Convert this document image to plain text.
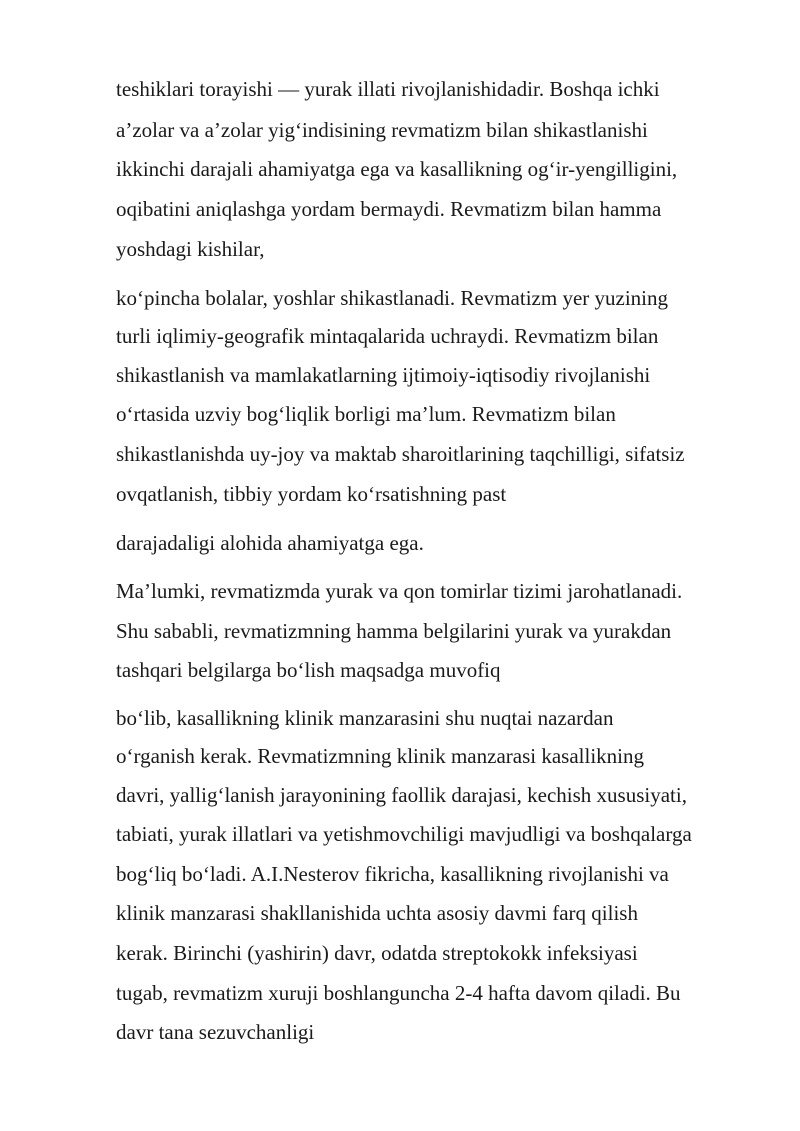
teshiklari torayishi — yurak illati rivojlanishidadir. Boshqa ichki
a’zolar va a’zolar yig‘indisining revmatizm bilan shikastlanishi
ikkinchi darajali ahamiyatga ega va kasallikning og‘ir-yengilligini,
oqibatini aniqlashga yordam bermaydi. Revmatizm bilan hamma
yoshdagi kishilar,
ko‘pincha bolalar, yoshlar shikastlanadi. Revmatizm yer yuzining
turli iqlimiy-geografik mintaqalarida uchraydi. Revmatizm bilan
shikastlanish va mamlakatlarning ijtimoiy-iqtisodiy rivojlanishi
o‘rtasida uzviy bog‘liqlik borligi ma’lum. Revmatizm bilan
shikastlanishda uy-joy va maktab sharoitlarining taqchilligi, sifatsiz
ovqatlanish, tibbiy yordam ko‘rsatishning past
darajadaligi alohida ahamiyatga ega.
Ma’lumki, revmatizmda yurak va qon tomirlar tizimi jarohatlanadi.
Shu sababli, revmatizmning hamma belgilarini yurak va yurakdan
tashqari belgilarga bo‘lish maqsadga muvofiq
bo‘lib, kasallikning klinik manzarasini shu nuqtai nazardan
o‘rganish kerak. Revmatizmning klinik manzarasi kasallikning
davri, yallig‘lanish jarayonining faollik darajasi, kechish xususiyati,
tabiati, yurak illatlari va yetishmovchiligi mavjudligi va boshqalarga
bog‘liq bo‘ladi. A.I.Nesterov fikricha, kasallikning rivojlanishi va
klinik manzarasi shakllanishida uchta asosiy davmi farq qilish
kerak. Birinchi (yashirin) davr, odatda streptokokk infeksiyasi
tugab, revmatizm xuruji boshlanguncha 2-4 hafta davom qiladi. Bu
davr tana sezuvchanligi
